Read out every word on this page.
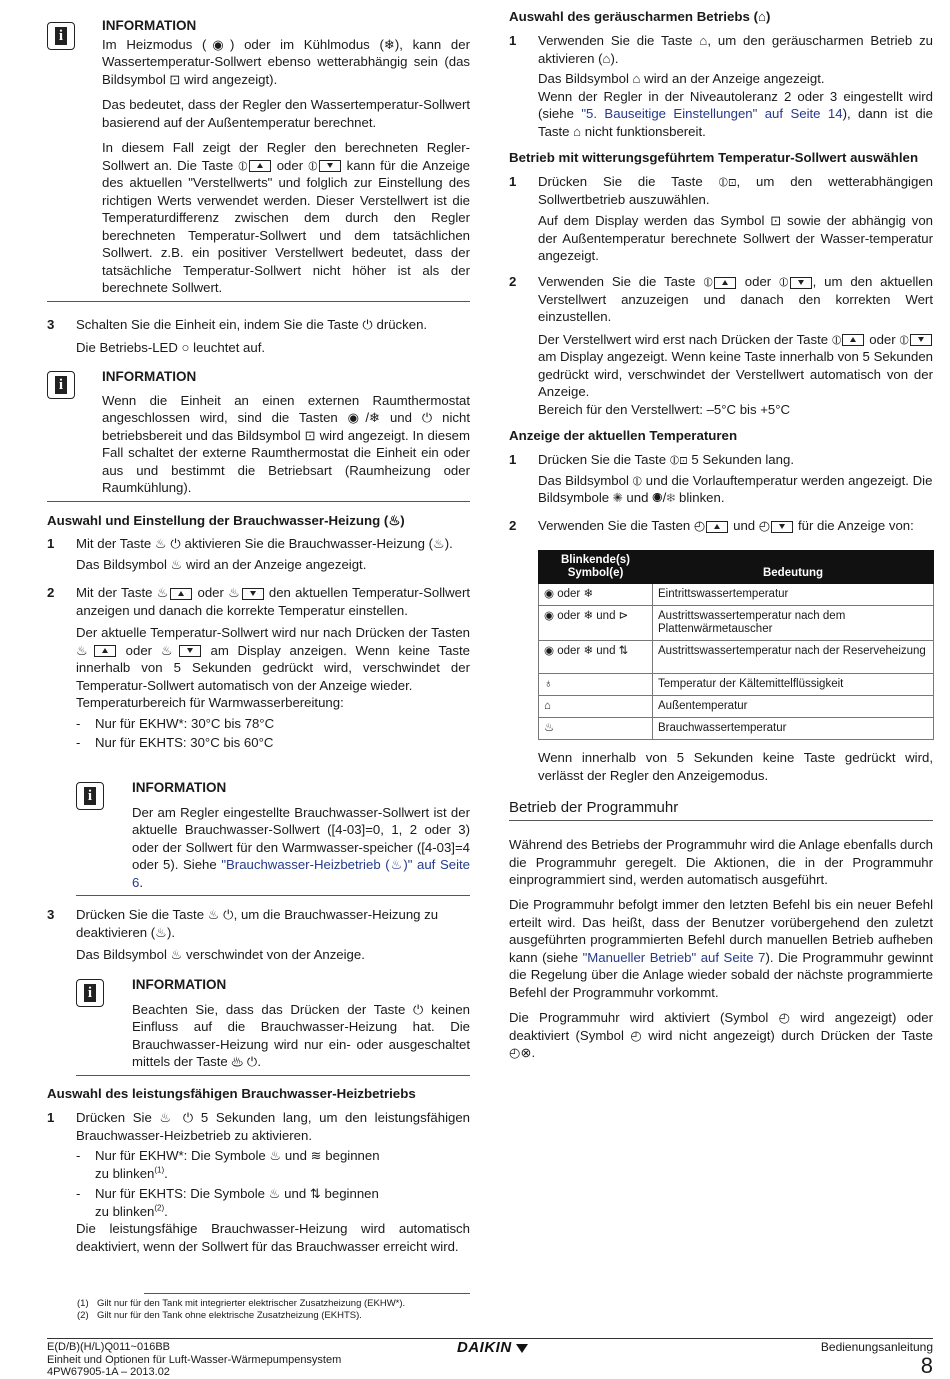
i

INFORMATION

Im Heizmodus (◉) oder im Kühlmodus (❄), kann der Wassertemperatur-Sollwert ebenso wetterabhängig sein (das Bildsymbol ⊡ wird angezeigt).

Das bedeutet, dass der Regler den Wassertemperatur-Sollwert basierend auf der Außentemperatur berechnet.

In diesem Fall zeigt der Regler den berechneten Regler-Sollwert an. Die Taste ⦶ oder ⦶ kann für die Anzeige des aktuellen "Verstellwerts" und folglich zur Einstellung des richtigen Werts verwendet werden. Dieser Verstellwert ist die Temperaturdifferenz zwischen dem durch den Regler berechneten Temperatur-Sollwert und dem tatsächlichen Sollwert. z.B. ein positiver Verstellwert bedeutet, dass der tatsächliche Temperatur-Sollwert nicht höher ist als der berechnete Sollwert.

3 Schalten Sie die Einheit ein, indem Sie die Taste ⏻ drücken.

Die Betriebs-LED ○ leuchtet auf.

i

INFORMATION

Wenn die Einheit an einen externen Raumthermostat angeschlossen wird, sind die Tasten ◉/❄ und ⏻ nicht betriebsbereit und das Bildsymbol ⊡ wird angezeigt. In diesem Fall schaltet der externe Raumthermostat die Einheit ein oder aus und bestimmt die Betriebsart (Raumheizung oder Raumkühlung).

Auswahl und Einstellung der Brauchwasser-Heizung (♨)

1 Mit der Taste ♨ ⏻ aktivieren Sie die Brauchwasser-Heizung (♨).

Das Bildsymbol ♨ wird an der Anzeige angezeigt.

2 Mit der Taste ♨ oder ♨ den aktuellen Temperatur-Sollwert anzeigen und danach die korrekte Temperatur einstellen.

Der aktuelle Temperatur-Sollwert wird nur nach Drücken der Tasten ♨ oder ♨ am Display anzeigen. Wenn keine Taste innerhalb von 5 Sekunden gedrückt wird, verschwindet der Temperatur-Sollwert automatisch von der Anzeige wieder.

Temperaturbereich für Warmwasserbereitung:

- Nur für EKHW*: 30°C bis 78°C
- Nur für EKHTS: 30°C bis 60°C
i

INFORMATION

Der am Regler eingestellte Brauchwasser-Sollwert ist der aktuelle Brauchwasser-Sollwert ([4-03]=0, 1, 2 oder 3) oder der Sollwert für den Warmwasser-speicher ([4-03]=4 oder 5). Siehe "Brauchwasser-Heizbetrieb (♨)" auf Seite 6.

3 Drücken Sie die Taste ♨ ⏻, um die Brauchwasser-Heizung zu deaktivieren (♨).

Das Bildsymbol ♨ verschwindet von der Anzeige.

i

INFORMATION

Beachten Sie, dass das Drücken der Taste ⏻ keinen Einfluss auf die Brauchwasser-Heizung hat. Die Brauchwasser-Heizung wird nur ein- oder ausgeschaltet mittels der Taste ♨ ⏻.

Auswahl des leistungsfähigen Brauchwasser-Heizbetriebs

1 Drücken Sie ♨ ⏻ 5 Sekunden lang, um den leistungsfähigen Brauchwasser-Heizbetrieb zu aktivieren.

- Nur für EKHW*: Die Symbole ♨ und ≋ beginnen
zu blinken$^{(1)}$.
- Nur für EKHTS: Die Symbole ♨ und ⇅ beginnen
zu blinken$^{(2)}$.

Die leistungsfähige Brauchwasser-Heizung wird automatisch deaktiviert, wenn der Sollwert für das Brauchwasser erreicht wird.

(1) Gilt nur für den Tank mit integrierter elektrischer Zusatzheizung (EKHW*).
(2) Gilt nur für den Tank ohne elektrische Zusatzheizung (EKHTS).

Auswahl des geräuscharmen Betriebs (⌂)

1 Verwenden Sie die Taste ⌂, um den geräuscharmen Betrieb zu aktivieren (⌂).

Das Bildsymbol ⌂ wird an der Anzeige angezeigt.

Wenn der Regler in der Niveautoleranz 2 oder 3 eingestellt wird (siehe "5. Bauseitige Einstellungen" auf Seite 14), dann ist die Taste ⌂ nicht funktionsbereit.

Betrieb mit witterungsgeführtem Temperatur-Sollwert auswählen

1 Drücken Sie die Taste ⦶⊡, um den wetterabhängigen Sollwertbetrieb auszuwählen.

Auf dem Display werden das Symbol ⊡ sowie der abhängig von der Außentemperatur berechnete Sollwert der Wasser-temperatur angezeigt.

2 Verwenden Sie die Taste ⦶ oder ⦶ , um den aktuellen Verstellwert anzuzeigen und danach den korrekten Wert einzustellen.

Der Verstellwert wird erst nach Drücken der Taste ⦶ oder ⦶ am Display angezeigt. Wenn keine Taste innerhalb von 5 Sekunden gedrückt wird, verschwindet der Verstellwert automatisch von der Anzeige.

Bereich für den Verstellwert: –5°C bis +5°C

Anzeige der aktuellen Temperaturen

1 Drücken Sie die Taste ⦶⊡ 5 Sekunden lang.

Das Bildsymbol ⦶ und die Vorlauftemperatur werden angezeigt. Die Bildsymbole ✺ und ◉/❄ blinken.

2 Verwenden Sie die Tasten ◴ und ◴ für die Anzeige von:

Blinkende(s) Symbol(e)	Bedeutung
◉ oder ❄	Eintrittswassertemperatur
◉ oder ❄ und ⊳	Austrittswassertemperatur nach dem Plattenwärmetauscher
◉ oder ❄ und ⇅	Austrittswassertemperatur nach der Reserveheizung
♁	Temperatur der Kältemittelflüssigkeit
⌂	Außentemperatur
♨	Brauchwassertemperatur

Wenn innerhalb von 5 Sekunden keine Taste gedrückt wird, verlässt der Regler den Anzeigemodus.

Betrieb der Programmuhr

Während des Betriebs der Programmuhr wird die Anlage ebenfalls durch die Programmuhr geregelt. Die Aktionen, die in der Programmuhr einprogrammiert sind, werden automatisch ausgeführt.

Die Programmuhr befolgt immer den letzten Befehl bis ein neuer Befehl erteilt wird. Das heißt, dass der Benutzer vorübergehend den zuletzt ausgeführten programmierten Befehl durch manuellen Betrieb aufheben kann (siehe "Manueller Betrieb" auf Seite 7). Die Programmuhr gewinnt die Regelung über die Anlage wieder sobald der nächste programmierte Befehl der Programmuhr vorkommt.

Die Programmuhr wird aktiviert (Symbol ◴ wird angezeigt) oder deaktiviert (Symbol ◴ wird nicht angezeigt) durch Drücken der Taste ◴⊗.

E(D/B)(H/L)Q011~016BB
Einheit und Optionen für Luft-Wasser-Wärmepumpensystem
4PW67905-1A – 2013.02
DAIKIN	Bedienungsanleitung
8
